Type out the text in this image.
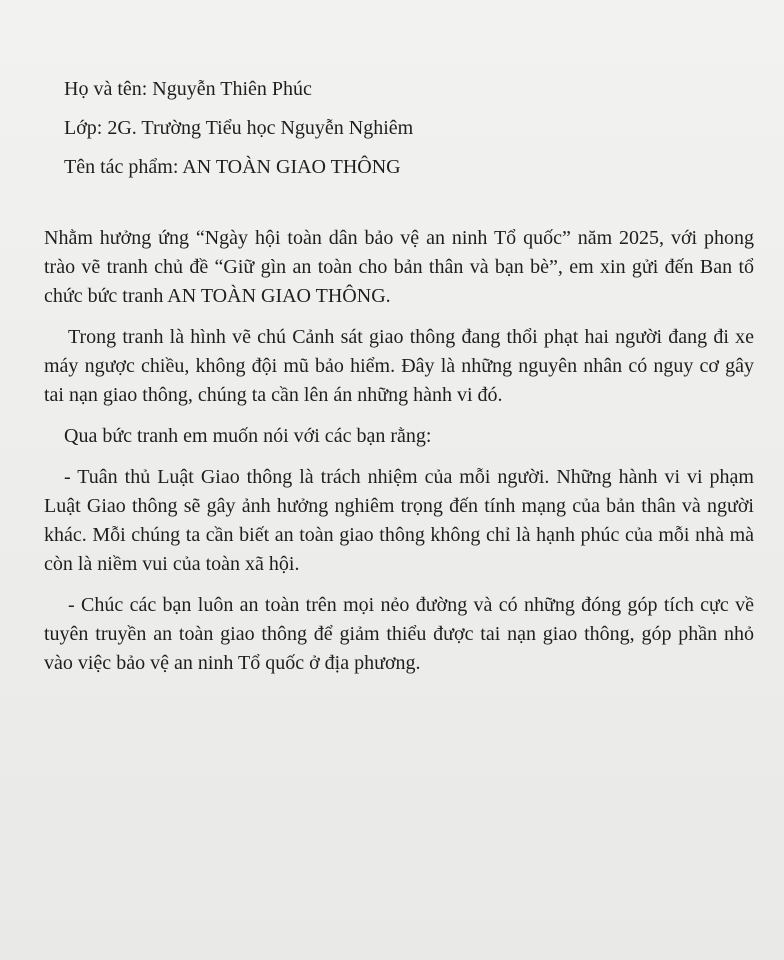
Họ và tên: Nguyễn Thiên Phúc

Lớp: 2G. Trường Tiểu học Nguyễn Nghiêm

Tên tác phẩm: AN TOÀN GIAO THÔNG

Nhằm hưởng ứng “Ngày hội toàn dân bảo vệ an ninh Tổ quốc” năm 2025, với phong trào vẽ tranh chủ đề “Giữ gìn an toàn cho bản thân và bạn bè”, em xin gửi đến Ban tổ chức bức tranh AN TOÀN GIAO THÔNG.

Trong tranh là hình vẽ chú Cảnh sát giao thông đang thổi phạt hai người đang đi xe máy ngược chiều, không đội mũ bảo hiểm. Đây là những nguyên nhân có nguy cơ gây tai nạn giao thông, chúng ta cần lên án những hành vi đó.

Qua bức tranh em muốn nói với các bạn rằng:

- Tuân thủ Luật Giao thông là trách nhiệm của mỗi người. Những hành vi vi phạm Luật Giao thông sẽ gây ảnh hưởng nghiêm trọng đến tính mạng của bản thân và người khác. Mỗi chúng ta cần biết an toàn giao thông không chỉ là hạnh phúc của mỗi nhà mà còn là niềm vui của toàn xã hội.

- Chúc các bạn luôn an toàn trên mọi nẻo đường và có những đóng góp tích cực về tuyên truyền an toàn giao thông để giảm thiểu được tai nạn giao thông, góp phần nhỏ vào việc bảo vệ an ninh Tổ quốc ở địa phương.
